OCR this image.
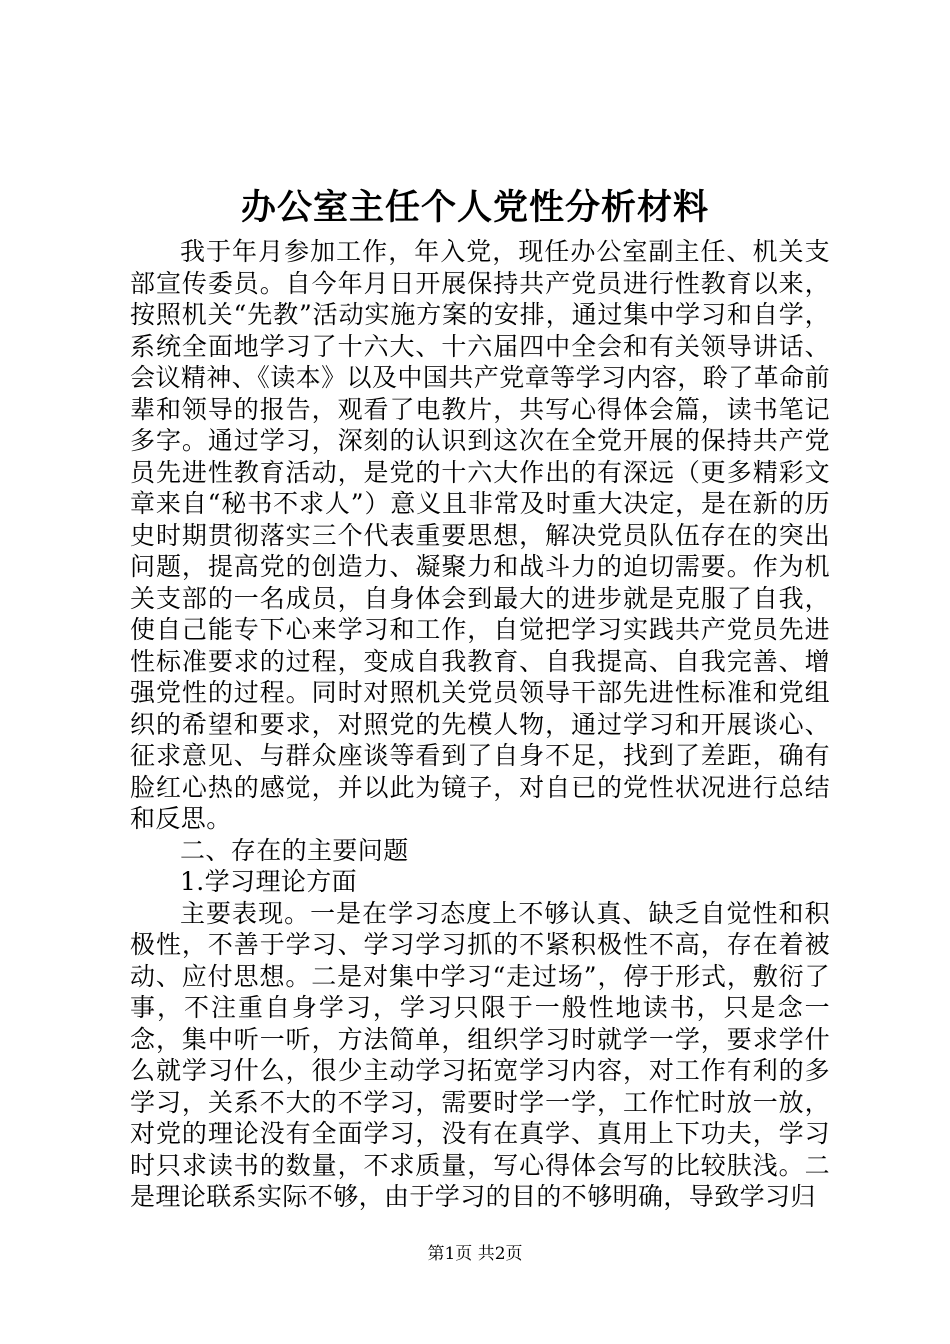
办公室主任个人党性分析材料

我于年月参加工作，年入党，现任办公室副主任、机关支部宣传委员。自今年月日开展保持共产党员进行性教育以来，按照机关“先教”活动实施方案的安排，通过集中学习和自学，系统全面地学习了十六大、十六届四中全会和有关领导讲话、会议精神、《读本》以及中国共产党章等学习内容，聆了革命前辈和领导的报告，观看了电教片，共写心得体会篇，读书笔记多字。通过学习，深刻的认识到这次在全党开展的保持共产党员先进性教育活动，是党的十六大作出的有深远（更多精彩文章来自“秘书不求人”）意义且非常及时重大决定，是在新的历史时期贯彻落实三个代表重要思想，解决党员队伍存在的突出问题，提高党的创造力、凝聚力和战斗力的迫切需要。作为机关支部的一名成员，自身体会到最大的进步就是克服了自我，使自己能专下心来学习和工作，自觉把学习实践共产党员先进性标准要求的过程，变成自我教育、自我提高、自我完善、增强党性的过程。同时对照机关党员领导干部先进性标准和党组织的希望和要求，对照党的先模人物，通过学习和开展谈心、征求意见、与群众座谈等看到了自身不足，找到了差距，确有脸红心热的感觉，并以此为镜子，对自已的党性状况进行总结和反思。

二、存在的主要问题

1.学习理论方面

主要表现。一是在学习态度上不够认真、缺乏自觉性和积极性，不善于学习、学习学习抓的不紧积极性不高，存在着被动、应付思想。二是对集中学习“走过场”，停于形式，敷衍了事，不注重自身学习，学习只限于一般性地读书，只是念一念，集中听一听，方法简单，组织学习时就学一学，要求学什么就学习什么，很少主动学习拓宽学习内容，对工作有利的多学习，关系不大的不学习，需要时学一学，工作忙时放一放，对党的理论没有全面学习，没有在真学、真用上下功夫，学习时只求读书的数量，不求质量，写心得体会写的比较肤浅。二是理论联系实际不够，由于学习的目的不够明确，导致学习归

第1页 共2页
